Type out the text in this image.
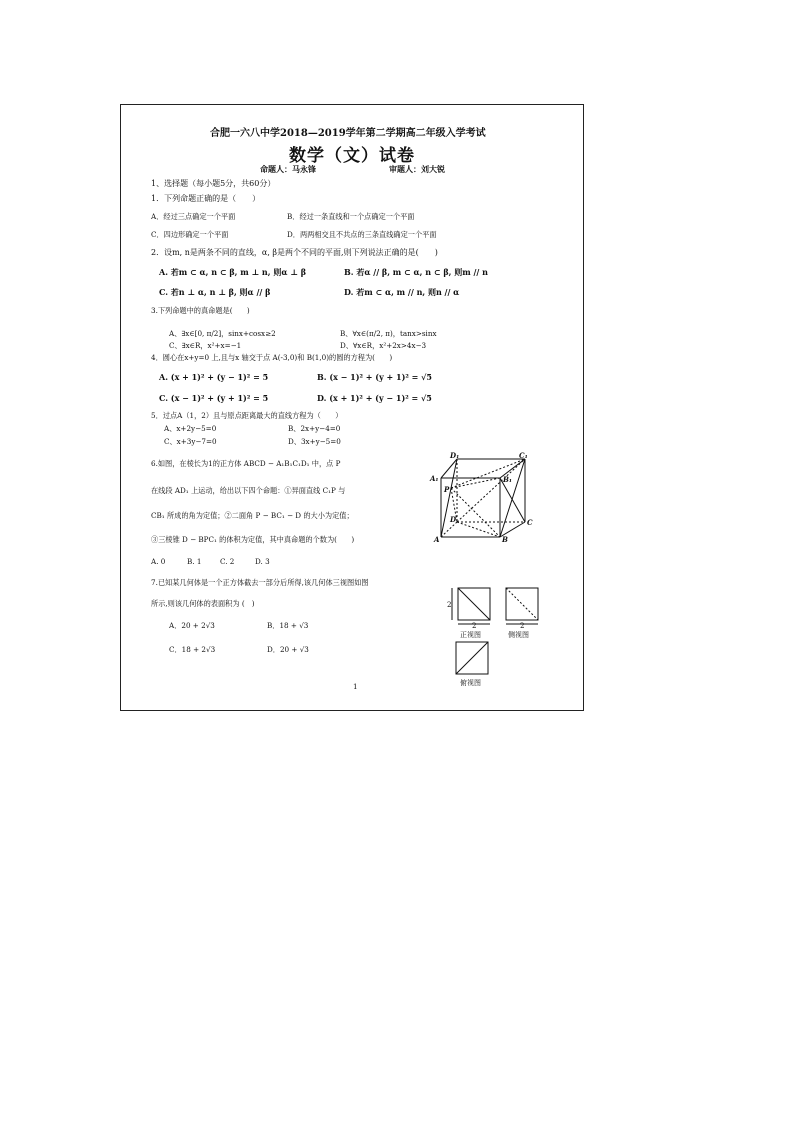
合肥一六八中学2018—2019学年第二学期高二年级入学考试
数学（文）试卷
命题人：马永锋	审题人：刘大锐
1、选择题（每小题5分，共60分）
1．下列命题正确的是（　　）
A．经过三点确定一个平面	B．经过一条直线和一个点确定一个平面
C．四边形确定一个平面	D．两两相交且不共点的三条直线确定一个平面
2．设m, n是两条不同的直线，α, β是两个不同的平面,则下列说法正确的是(　　)
A. 若m ⊂ α, n ⊂ β, m ⊥ n, 则α ⊥ β	B. 若α // β, m ⊂ α, n ⊂ β, 则m // n
C. 若n ⊥ α, n ⊥ β, 则α // β	D. 若m ⊂ α, m // n, 则n // α
3.下列命题中的真命题是(　　)
A、∃x∈[0, π/2]，sinx+cosx≥2	B、∀x∈(π/2, π)，tanx>sinx
C、∃x∈R，x²+x=−1	D、∀x∈R，x²+2x>4x−3
4．圆心在x+y=0 上,且与x 轴交于点 A(-3,0)和 B(1,0)的圆的方程为(　　)
A. (x + 1)² + (y − 1)² = 5	B. (x − 1)² + (y + 1)² = √5
C. (x − 1)² + (y + 1)² = 5	D. (x + 1)² + (y − 1)² = √5
5．过点A（1，2）且与原点距离最大的直线方程为（　　）
A、x+2y−5=0	B、2x+y−4=0
C、x+3y−7=0	D、3x+y−5=0
6.如图，在棱长为1的正方体 ABCD − A₁B₁C₁D₁ 中，点 P
在线段 AD₁ 上运动，给出以下四个命题：①异面直线 C₁P 与
CB₁ 所成的角为定值；②二面角 P − BC₁ − D 的大小为定值；
③三棱锥 D − BPC₁ 的体积为定值，其中真命题的个数为(　　)
A. 0	B. 1	C. 2	D. 3
D₁	C₁
A₁	B₁
P
D	C
A	B
7.已知某几何体是一个正方体截去一部分后所得,该几何体三视图如图
所示,则该几何体的表面积为 (　)
A．20 + 2√3	B．18 + √3
C．18 + 2√3	D．20 + √3
2
2	2
正视图	侧视图
俯视图
1
